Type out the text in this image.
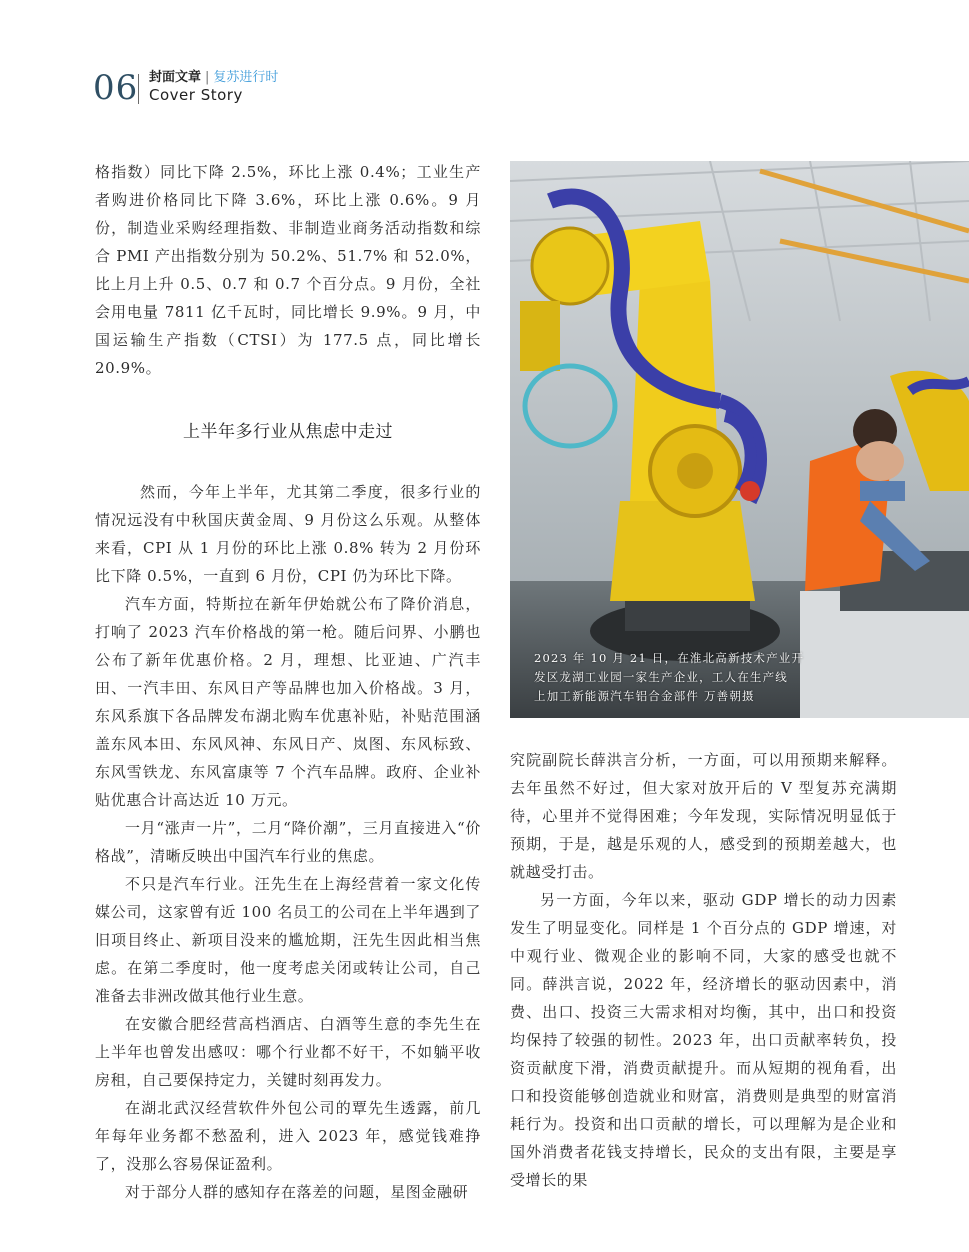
06 封面文章 | 复苏进行时
Cover Story

格指数）同比下降 2.5%，环比上涨 0.4%；工业生产者购进价格同比下降 3.6%，环比上涨 0.6%。9 月份，制造业采购经理指数、非制造业商务活动指数和综合 PMI 产出指数分别为 50.2%、51.7% 和 52.0%，比上月上升 0.5、0.7 和 0.7 个百分点。9 月份，全社会用电量 7811 亿千瓦时，同比增长 9.9%。9 月，中国运输生产指数（CTSI）为 177.5 点，同比增长 20.9%。

上半年多行业从焦虑中走过

然而，今年上半年，尤其第二季度，很多行业的情况远没有中秋国庆黄金周、9 月份这么乐观。从整体来看，CPI 从 1 月份的环比上涨 0.8% 转为 2 月份环比下降 0.5%，一直到 6 月份，CPI 仍为环比下降。

汽车方面，特斯拉在新年伊始就公布了降价消息，打响了 2023 汽车价格战的第一枪。随后问界、小鹏也公布了新年优惠价格。2 月，理想、比亚迪、广汽丰田、一汽丰田、东风日产等品牌也加入价格战。3 月，东风系旗下各品牌发布湖北购车优惠补贴，补贴范围涵盖东风本田、东风风神、东风日产、岚图、东风标致、东风雪铁龙、东风富康等 7 个汽车品牌。政府、企业补贴优惠合计高达近 10 万元。

一月“涨声一片”，二月“降价潮”，三月直接进入“价格战”，清晰反映出中国汽车行业的焦虑。

不只是汽车行业。汪先生在上海经营着一家文化传媒公司，这家曾有近 100 名员工的公司在上半年遇到了旧项目终止、新项目没来的尴尬期，汪先生因此相当焦虑。在第二季度时，他一度考虑关闭或转让公司，自己准备去非洲改做其他行业生意。

在安徽合肥经营高档酒店、白酒等生意的李先生在上半年也曾发出感叹：哪个行业都不好干，不如躺平收房租，自己要保持定力，关键时刻再发力。

在湖北武汉经营软件外包公司的覃先生透露，前几年每年业务都不愁盈利，进入 2023 年，感觉钱难挣了，没那么容易保证盈利。

对于部分人群的感知存在落差的问题，星图金融研

2023 年 10 月 21 日，在淮北高新技术产业开
发区龙湖工业园一家生产企业，工人在生产线
上加工新能源汽车铝合金部件 万善朝摄

究院副院长薛洪言分析，一方面，可以用预期来解释。去年虽然不好过，但大家对放开后的 V 型复苏充满期待，心里并不觉得困难；今年发现，实际情况明显低于预期，于是，越是乐观的人，感受到的预期差越大，也就越受打击。

另一方面，今年以来，驱动 GDP 增长的动力因素发生了明显变化。同样是 1 个百分点的 GDP 增速，对中观行业、微观企业的影响不同，大家的感受也就不同。薛洪言说，2022 年，经济增长的驱动因素中，消费、出口、投资三大需求相对均衡，其中，出口和投资均保持了较强的韧性。2023 年，出口贡献率转负，投资贡献度下滑，消费贡献提升。而从短期的视角看，出口和投资能够创造就业和财富，消费则是典型的财富消耗行为。投资和出口贡献的增长，可以理解为是企业和国外消费者花钱支持增长，民众的支出有限，主要是享受增长的果
